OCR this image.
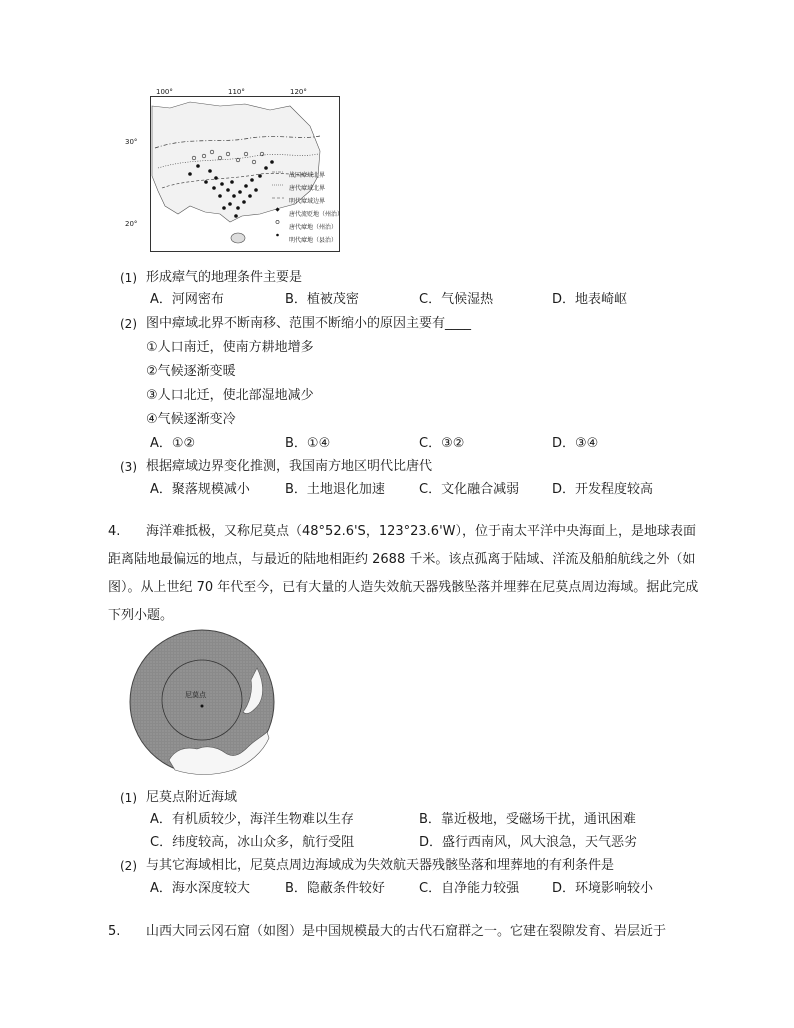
战国瘴域北界
唐代瘴域北界
明代瘴域边界
唐代流贬地（州治）
唐代瘴地（州治）
明代瘴地（县治）
100°	110°	120°
30°
20°
(1) 形成瘴气的地理条件主要是
A．河网密布	B．植被茂密	C．气候湿热	D．地表崎岖
(2) 图中瘴域北界不断南移、范围不断缩小的原因主要有____
①人口南迁，使南方耕地增多
②气候逐渐变暖
③人口北迁，使北部湿地减少
④气候逐渐变冷
A．①②	B．①④	C．③②	D．③④
(3) 根据瘴域边界变化推测，我国南方地区明代比唐代
A．聚落规模减小	B．土地退化加速	C．文化融合减弱	D．开发程度较高
4.	海洋难抵极，又称尼莫点（48°52.6'S，123°23.6'W），位于南太平洋中央海面上，是地球表面距离陆地最偏远的地点，与最近的陆地相距约 2688 千米。该点孤离于陆域、洋流及船舶航线之外（如图）。从上世纪 70 年代至今，已有大量的人造失效航天器残骸坠落并埋葬在尼莫点周边海域。据此完成下列小题。
尼莫点
(1) 尼莫点附近海域
A．有机质较少，海洋生物难以生存	B．靠近极地，受磁场干扰，通讯困难
C．纬度较高，冰山众多，航行受阻	D．盛行西南风，风大浪急，天气恶劣
(2) 与其它海域相比，尼莫点周边海域成为失效航天器残骸坠落和埋葬地的有利条件是
A．海水深度较大	B．隐蔽条件较好	C．自净能力较强	D．环境影响较小
5.	山西大同云冈石窟（如图）是中国规模最大的古代石窟群之一。它建在裂隙发育、岩层近于
